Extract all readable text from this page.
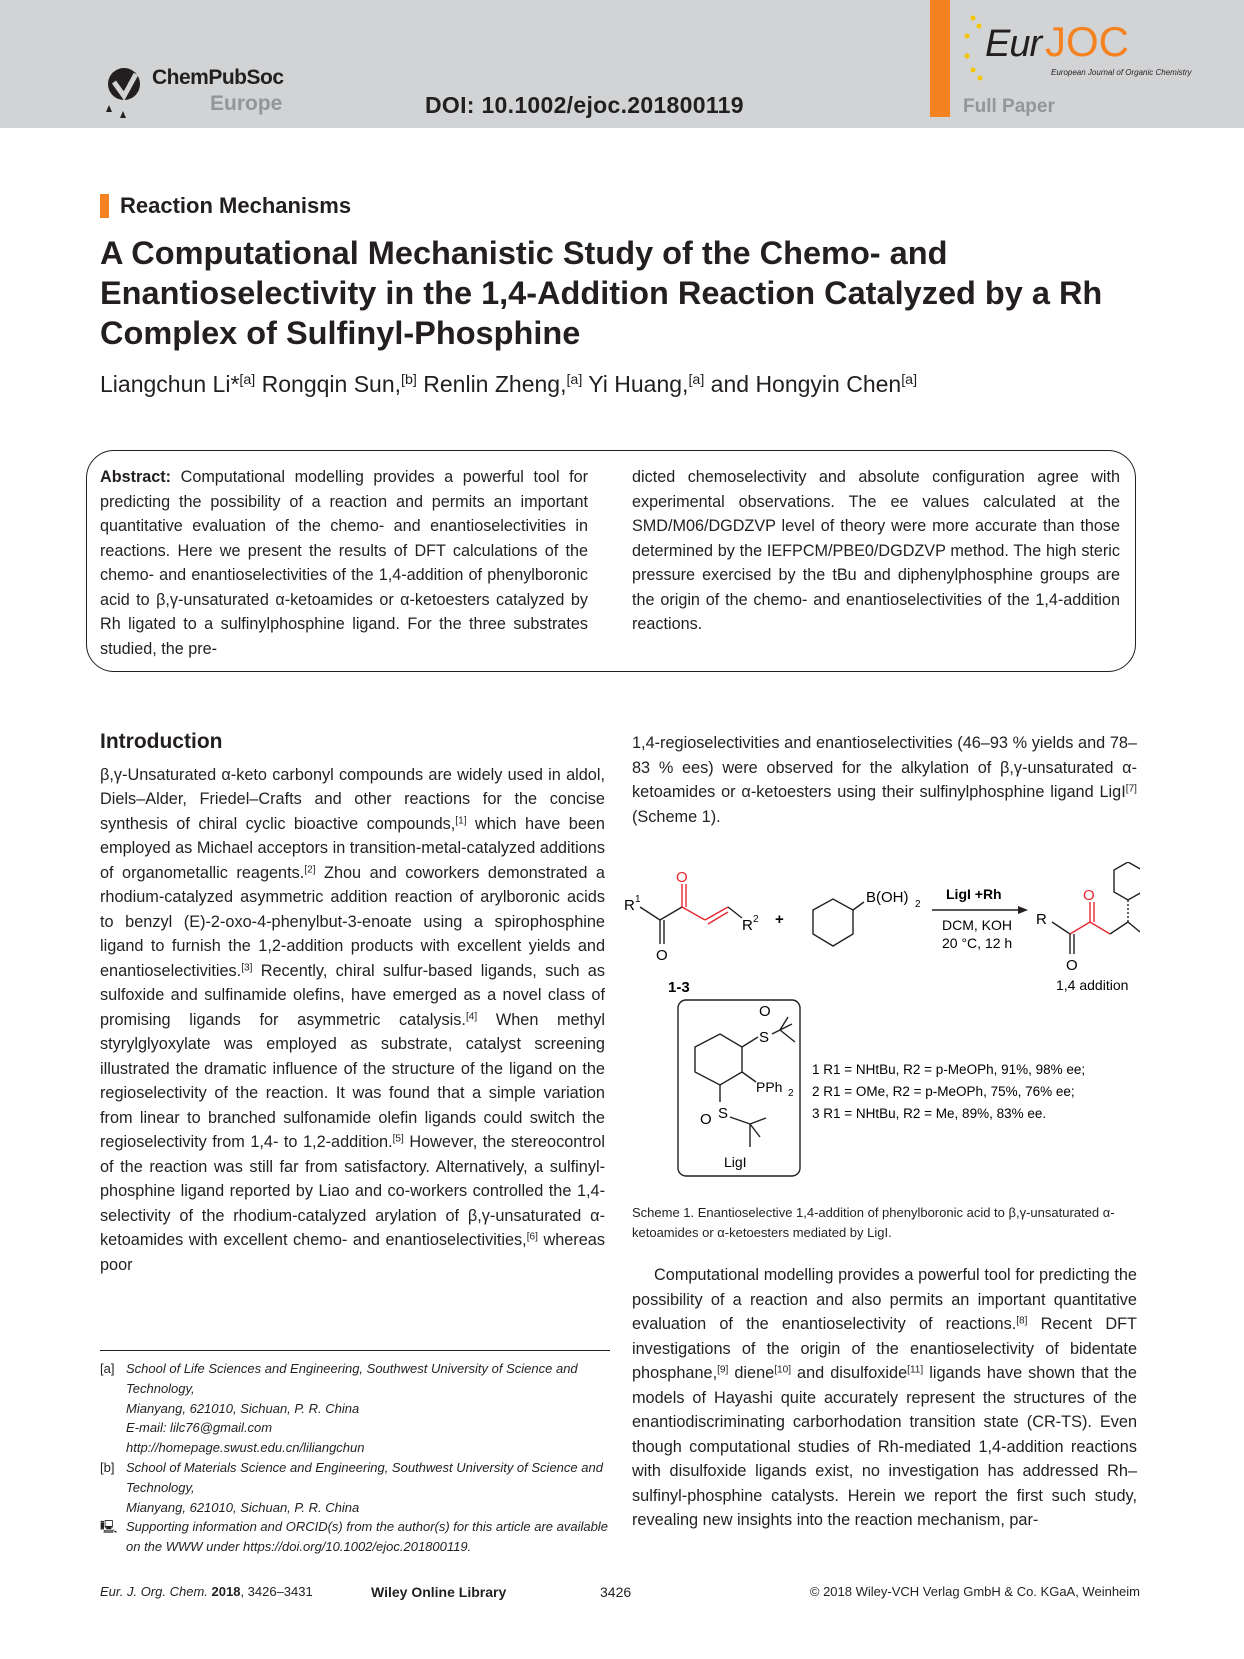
ChemPubSoc
Europe	DOI: 10.1002/ejoc.201800119
Eur JOC
European Journal of Organic Chemistry
Full Paper
Reaction Mechanisms
A Computational Mechanistic Study of the Chemo- and Enantioselectivity in the 1,4-Addition Reaction Catalyzed by a Rh Complex of Sulfinyl-Phosphine
Liangchun Li*[a] Rongqin Sun,[b] Renlin Zheng,[a] Yi Huang,[a] and Hongyin Chen[a]
Abstract: Computational modelling provides a powerful tool for predicting the possibility of a reaction and permits an important quantitative evaluation of the chemo- and enantioselectivities in reactions. Here we present the results of DFT calculations of the chemo- and enantioselectivities of the 1,4-addition of phenylboronic acid to β,γ-unsaturated α-ketoamides or α-ketoesters catalyzed by Rh ligated to a sulfinylphosphine ligand. For the three substrates studied, the pre-
dicted chemoselectivity and absolute configuration agree with experimental observations. The ee values calculated at the SMD/M06/DGDZVP level of theory were more accurate than those determined by the IEFPCM/PBE0/DGDZVP method. The high steric pressure exercised by the tBu and diphenylphosphine groups are the origin of the chemo- and enantioselectivities of the 1,4-addition reactions.
Introduction

β,γ-Unsaturated α-keto carbonyl compounds are widely used in aldol, Diels–Alder, Friedel–Crafts and other reactions for the concise synthesis of chiral cyclic bioactive compounds,[1] which have been employed as Michael acceptors in transition-metal-catalyzed additions of organometallic reagents.[2] Zhou and coworkers demonstrated a rhodium-catalyzed asymmetric addition reaction of arylboronic acids to benzyl (E)-2-oxo-4-phenylbut-3-enoate using a spirophosphine ligand to furnish the 1,2-addition products with excellent yields and enantioselectivities.[3] Recently, chiral sulfur-based ligands, such as sulfoxide and sulfinamide olefins, have emerged as a novel class of promising ligands for asymmetric catalysis.[4] When methyl styrylglyoxylate was employed as substrate, catalyst screening illustrated the dramatic influence of the structure of the ligand on the regioselectivity of the reaction. It was found that a simple variation from linear to branched sulfonamide olefin ligands could switch the regioselectivity from 1,4- to 1,2-addition.[5] However, the stereocontrol of the reaction was still far from satisfactory. Alternatively, a sulfinyl-phosphine ligand reported by Liao and co-workers controlled the 1,4-selectivity of the rhodium-catalyzed arylation of β,γ-unsaturated α-ketoamides with excellent chemo- and enantioselectivities,[6] whereas poor

1,4-regioselectivities and enantioselectivities (46–93 % yields and 78–83 % ees) were observed for the alkylation of β,γ-unsaturated α-ketoamides or α-ketoesters using their sulfinylphosphine ligand LigI[7] (Scheme 1).

R 1
O
O
R 2
1-3
+
B(OH) 2
LigI +Rh
DCM, KOH
20 °C, 12 h
R
O
O
1,4 addition
S
O
PPh 2
S
O
LigI
1 R1 = NHtBu, R2 = p-MeOPh, 91%, 98% ee;
2 R1 = OMe, R2 = p-MeOPh, 75%, 76% ee;
3 R1 = NHtBu, R2 = Me, 89%, 83% ee.
Scheme 1. Enantioselective 1,4-addition of phenylboronic acid to β,γ-unsaturated α-ketoamides or α-ketoesters mediated by LigI.

Computational modelling provides a powerful tool for predicting the possibility of a reaction and also permits an important quantitative evaluation of the enantioselectivity of reactions.[8] Recent DFT investigations of the origin of the enantioselectivity of bidentate phosphane,[9] diene[10] and disulfoxide[11] ligands have shown that the models of Hayashi quite accurately represent the structures of the enantiodiscriminating carborhodation transition state (CR-TS). Even though computational studies of Rh-mediated 1,4-addition reactions with disulfoxide ligands exist, no investigation has addressed Rh–sulfinyl-phosphine catalysts. Herein we report the first such study, revealing new insights into the reaction mechanism, par-

[a] School of Life Sciences and Engineering, Southwest University of Science and Technology,
Mianyang, 621010, Sichuan, P. R. China
E-mail: lilc76@gmail.com
http://homepage.swust.edu.cn/liliangchun
[b] School of Materials Science and Engineering, Southwest University of Science and Technology,
Mianyang, 621010, Sichuan, P. R. China
🖳 Supporting information and ORCID(s) from the author(s) for this article are available on the WWW under https://doi.org/10.1002/ejoc.201800119.
Eur. J. Org. Chem. 2018, 3426–3431	Wiley Online Library	3426	© 2018 Wiley-VCH Verlag GmbH & Co. KGaA, Weinheim
